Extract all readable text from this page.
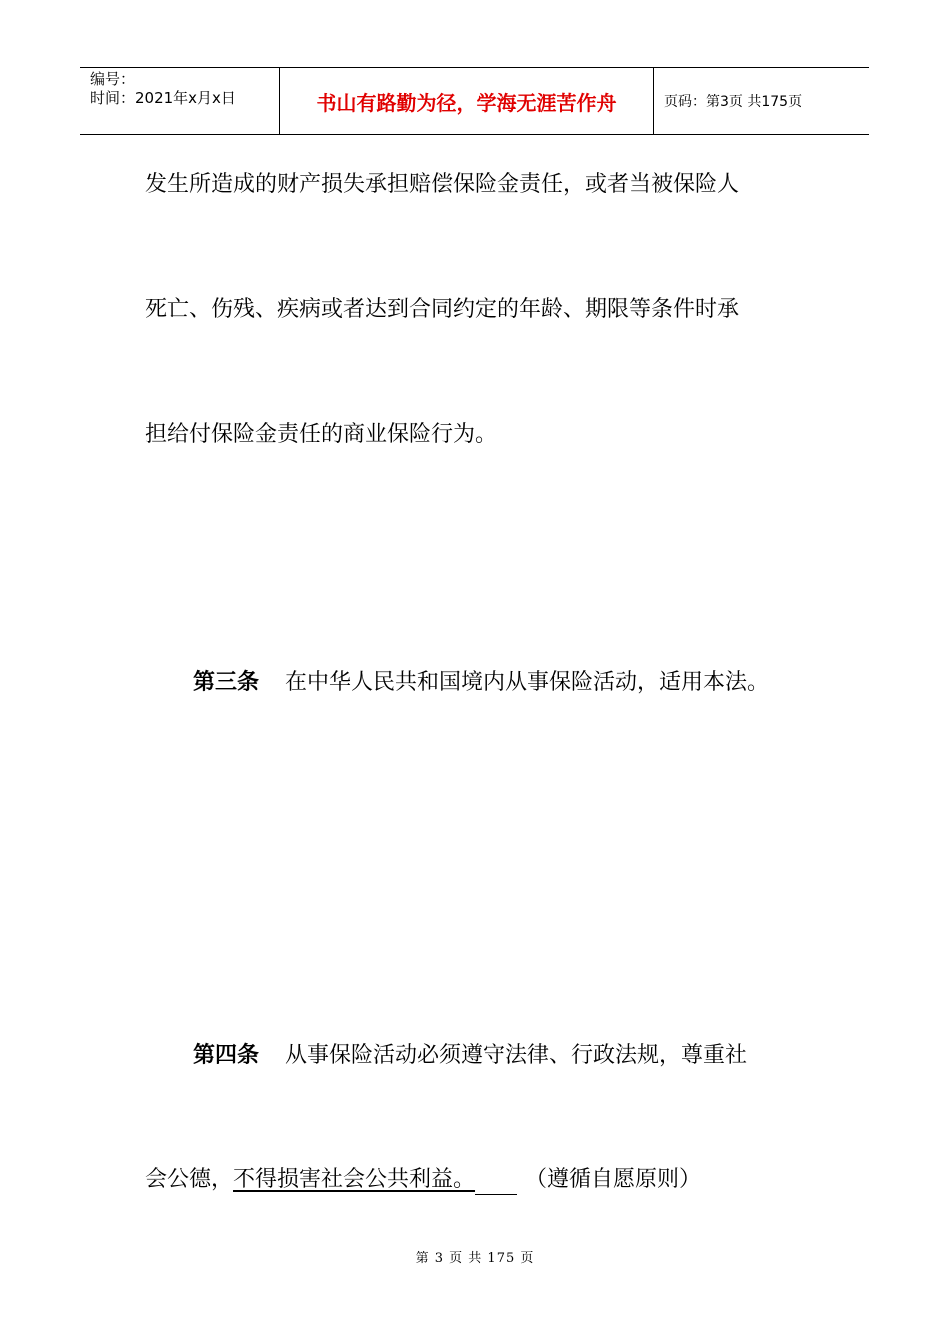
编号：
时间：2021年x月x日	书山有路勤为径，学海无涯苦作舟	页码：第3页 共175页
发生所造成的财产损失承担赔偿保险金责任，或者当被保险人
死亡、伤残、疾病或者达到合同约定的年龄、期限等条件时承
担给付保险金责任的商业保险行为。
第三条 在中华人民共和国境内从事保险活动，适用本法。
第四条 从事保险活动必须遵守法律、行政法规，尊重社
会公德，不得损害社会公共利益。 （遵循自愿原则）
第 3 页 共 175 页
